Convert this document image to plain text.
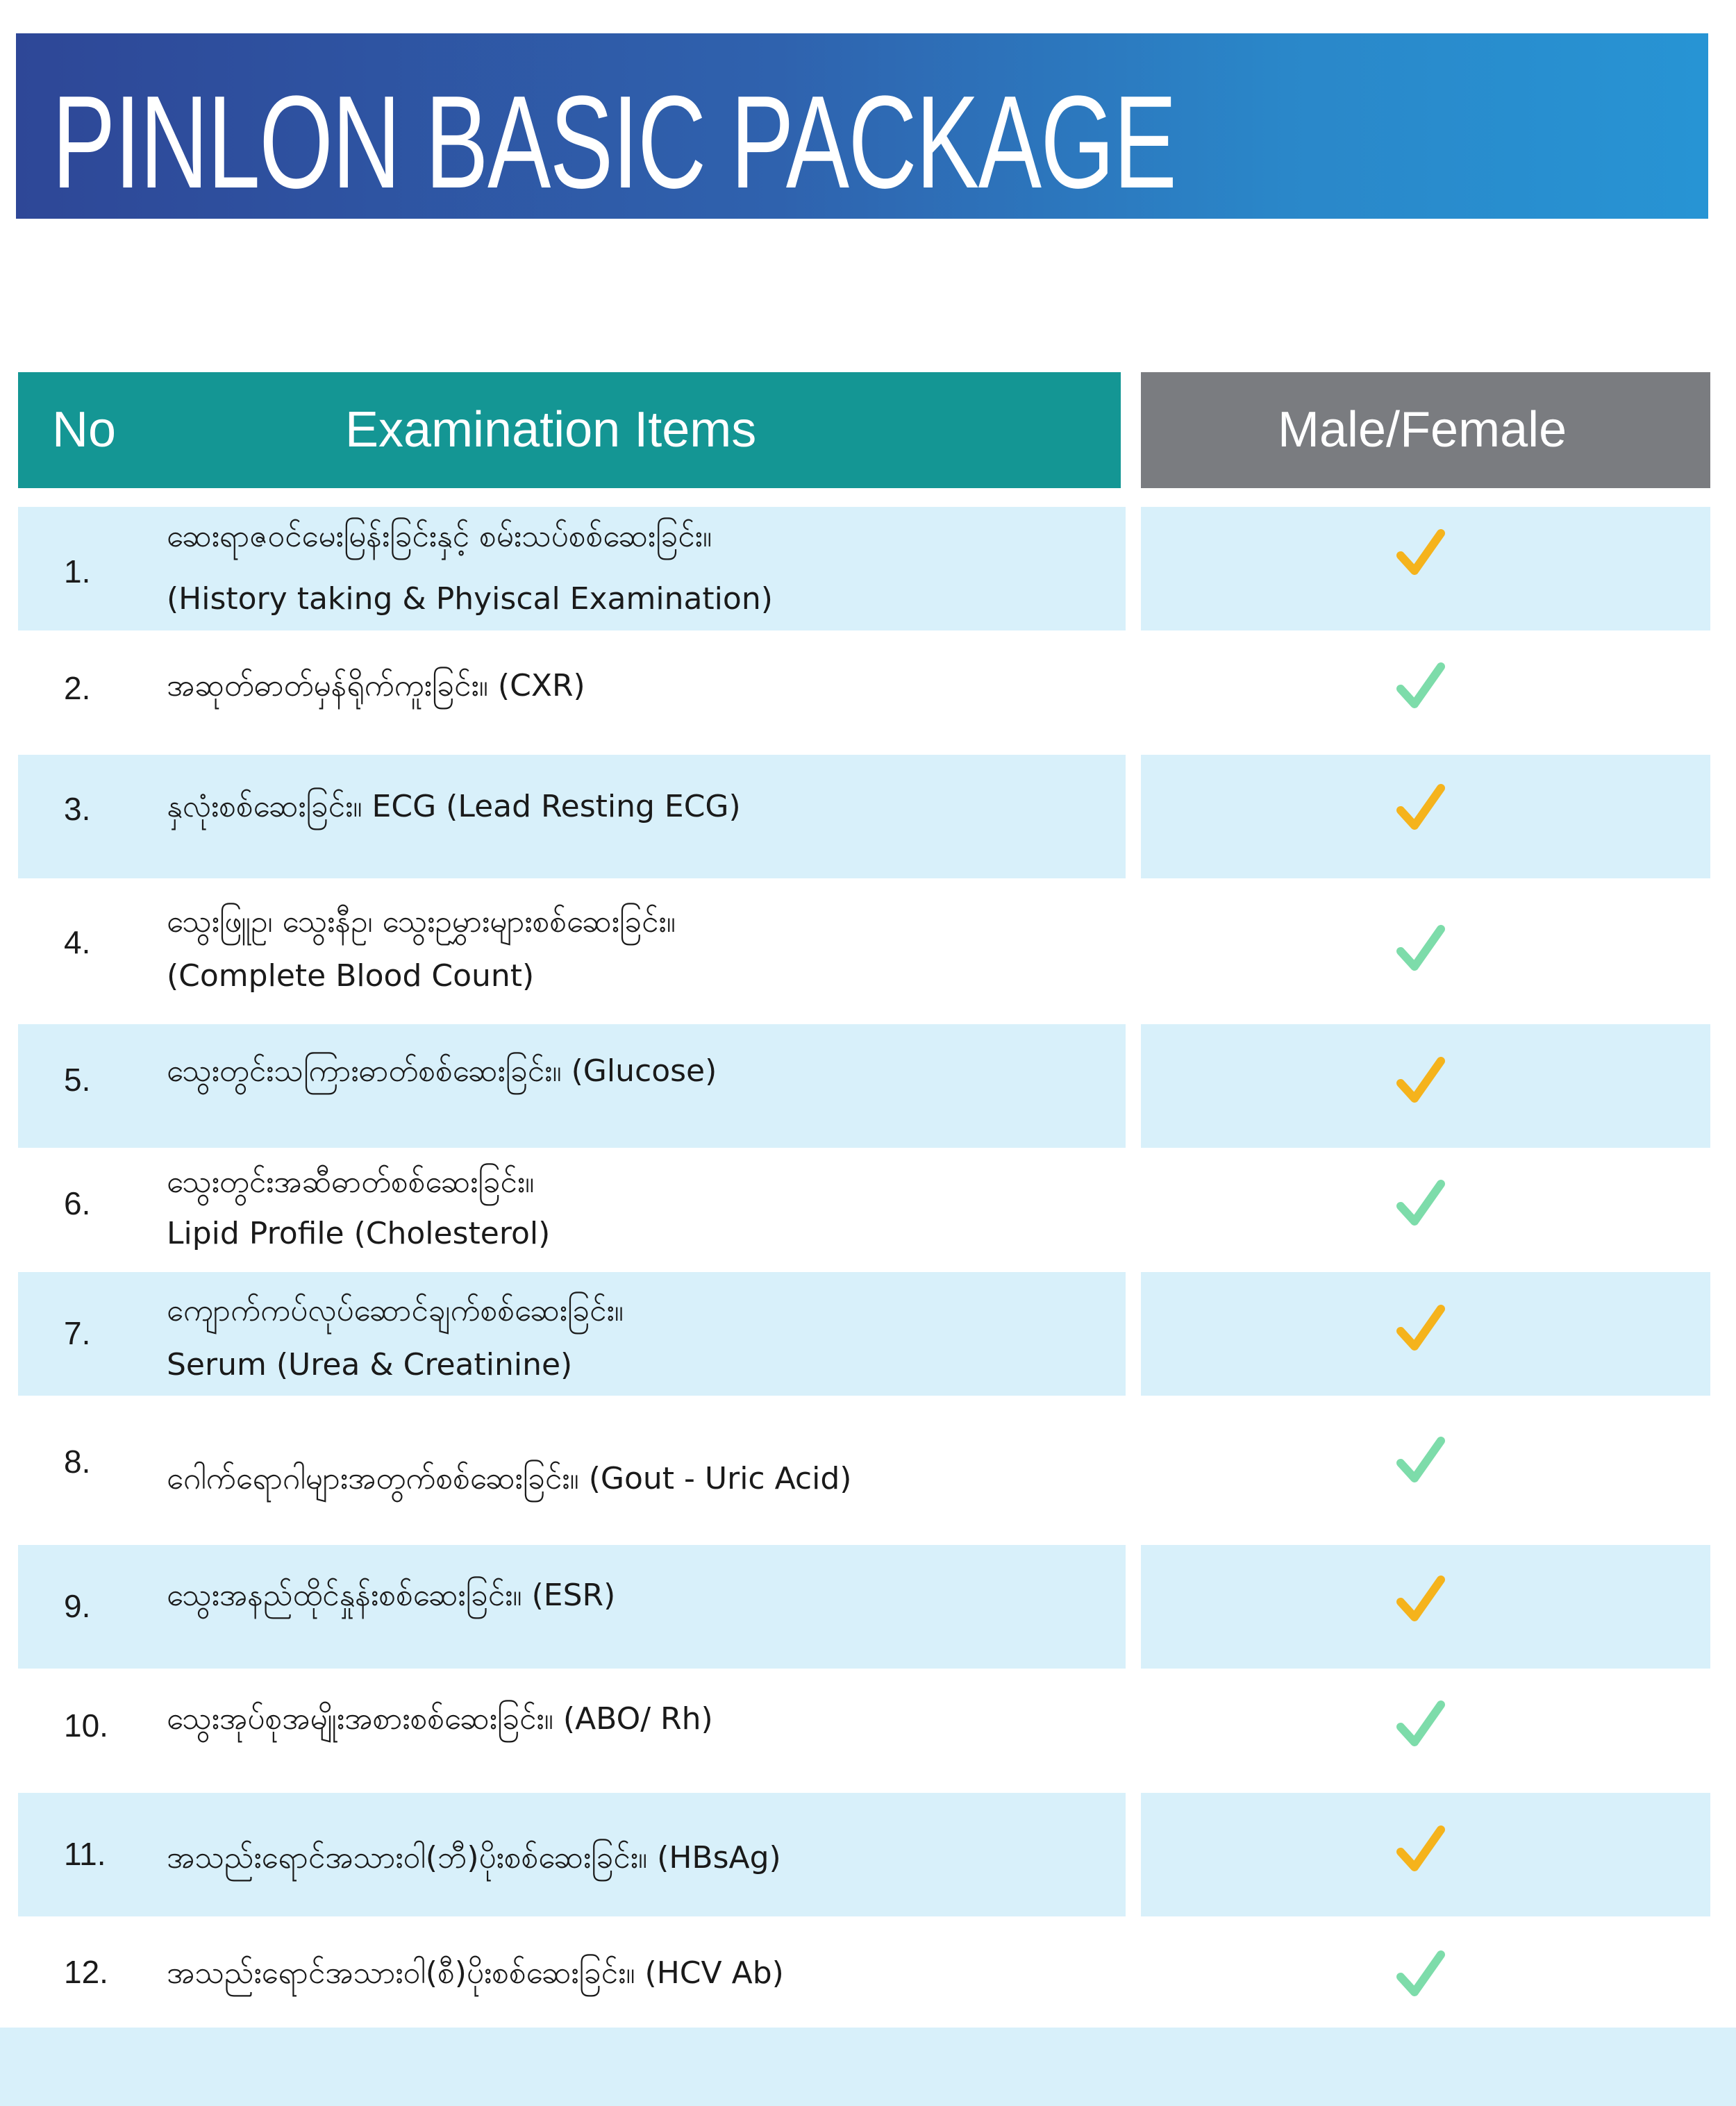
PINLON BASIC PACKAGE
No	Examination Items	Male/Female
1.
ဆေးရာဇဝင်မေးမြန်းခြင်းနှင့် စမ်းသပ်စစ်ဆေးခြင်း။
(History taking & Phyiscal Examination)
2. အဆုတ်ဓာတ်မှန်ရိုက်ကူးခြင်း။ (CXR)
3. နှလုံးစစ်ဆေးခြင်း။ ECG (Lead Resting ECG)
4.
သွေးဖြူဥ၊ သွေးနီဥ၊ သွေးဥမွှားများစစ်ဆေးခြင်း။
(Complete Blood Count)
5. သွေးတွင်းသကြားဓာတ်စစ်ဆေးခြင်း။ (Glucose)
6.
သွေးတွင်းအဆီဓာတ်စစ်ဆေးခြင်း။
Lipid Profile (Cholesterol)
7.
ကျောက်ကပ်လုပ်ဆောင်ချက်စစ်ဆေးခြင်း။
Serum (Urea & Creatinine)
8. ဂေါက်ရောဂါများအတွက်စစ်ဆေးခြင်း။ (Gout - Uric Acid)
9. သွေးအနည်ထိုင်နှုန်းစစ်ဆေးခြင်း။ (ESR)
10. သွေးအုပ်စုအမျိုးအစားစစ်ဆေးခြင်း။ (ABO/ Rh)
11. အသည်းရောင်အသားဝါ(ဘီ)ပိုးစစ်ဆေးခြင်း။ (HBsAg)
12. အသည်းရောင်အသားဝါ(စီ)ပိုးစစ်ဆေးခြင်း။ (HCV Ab)
